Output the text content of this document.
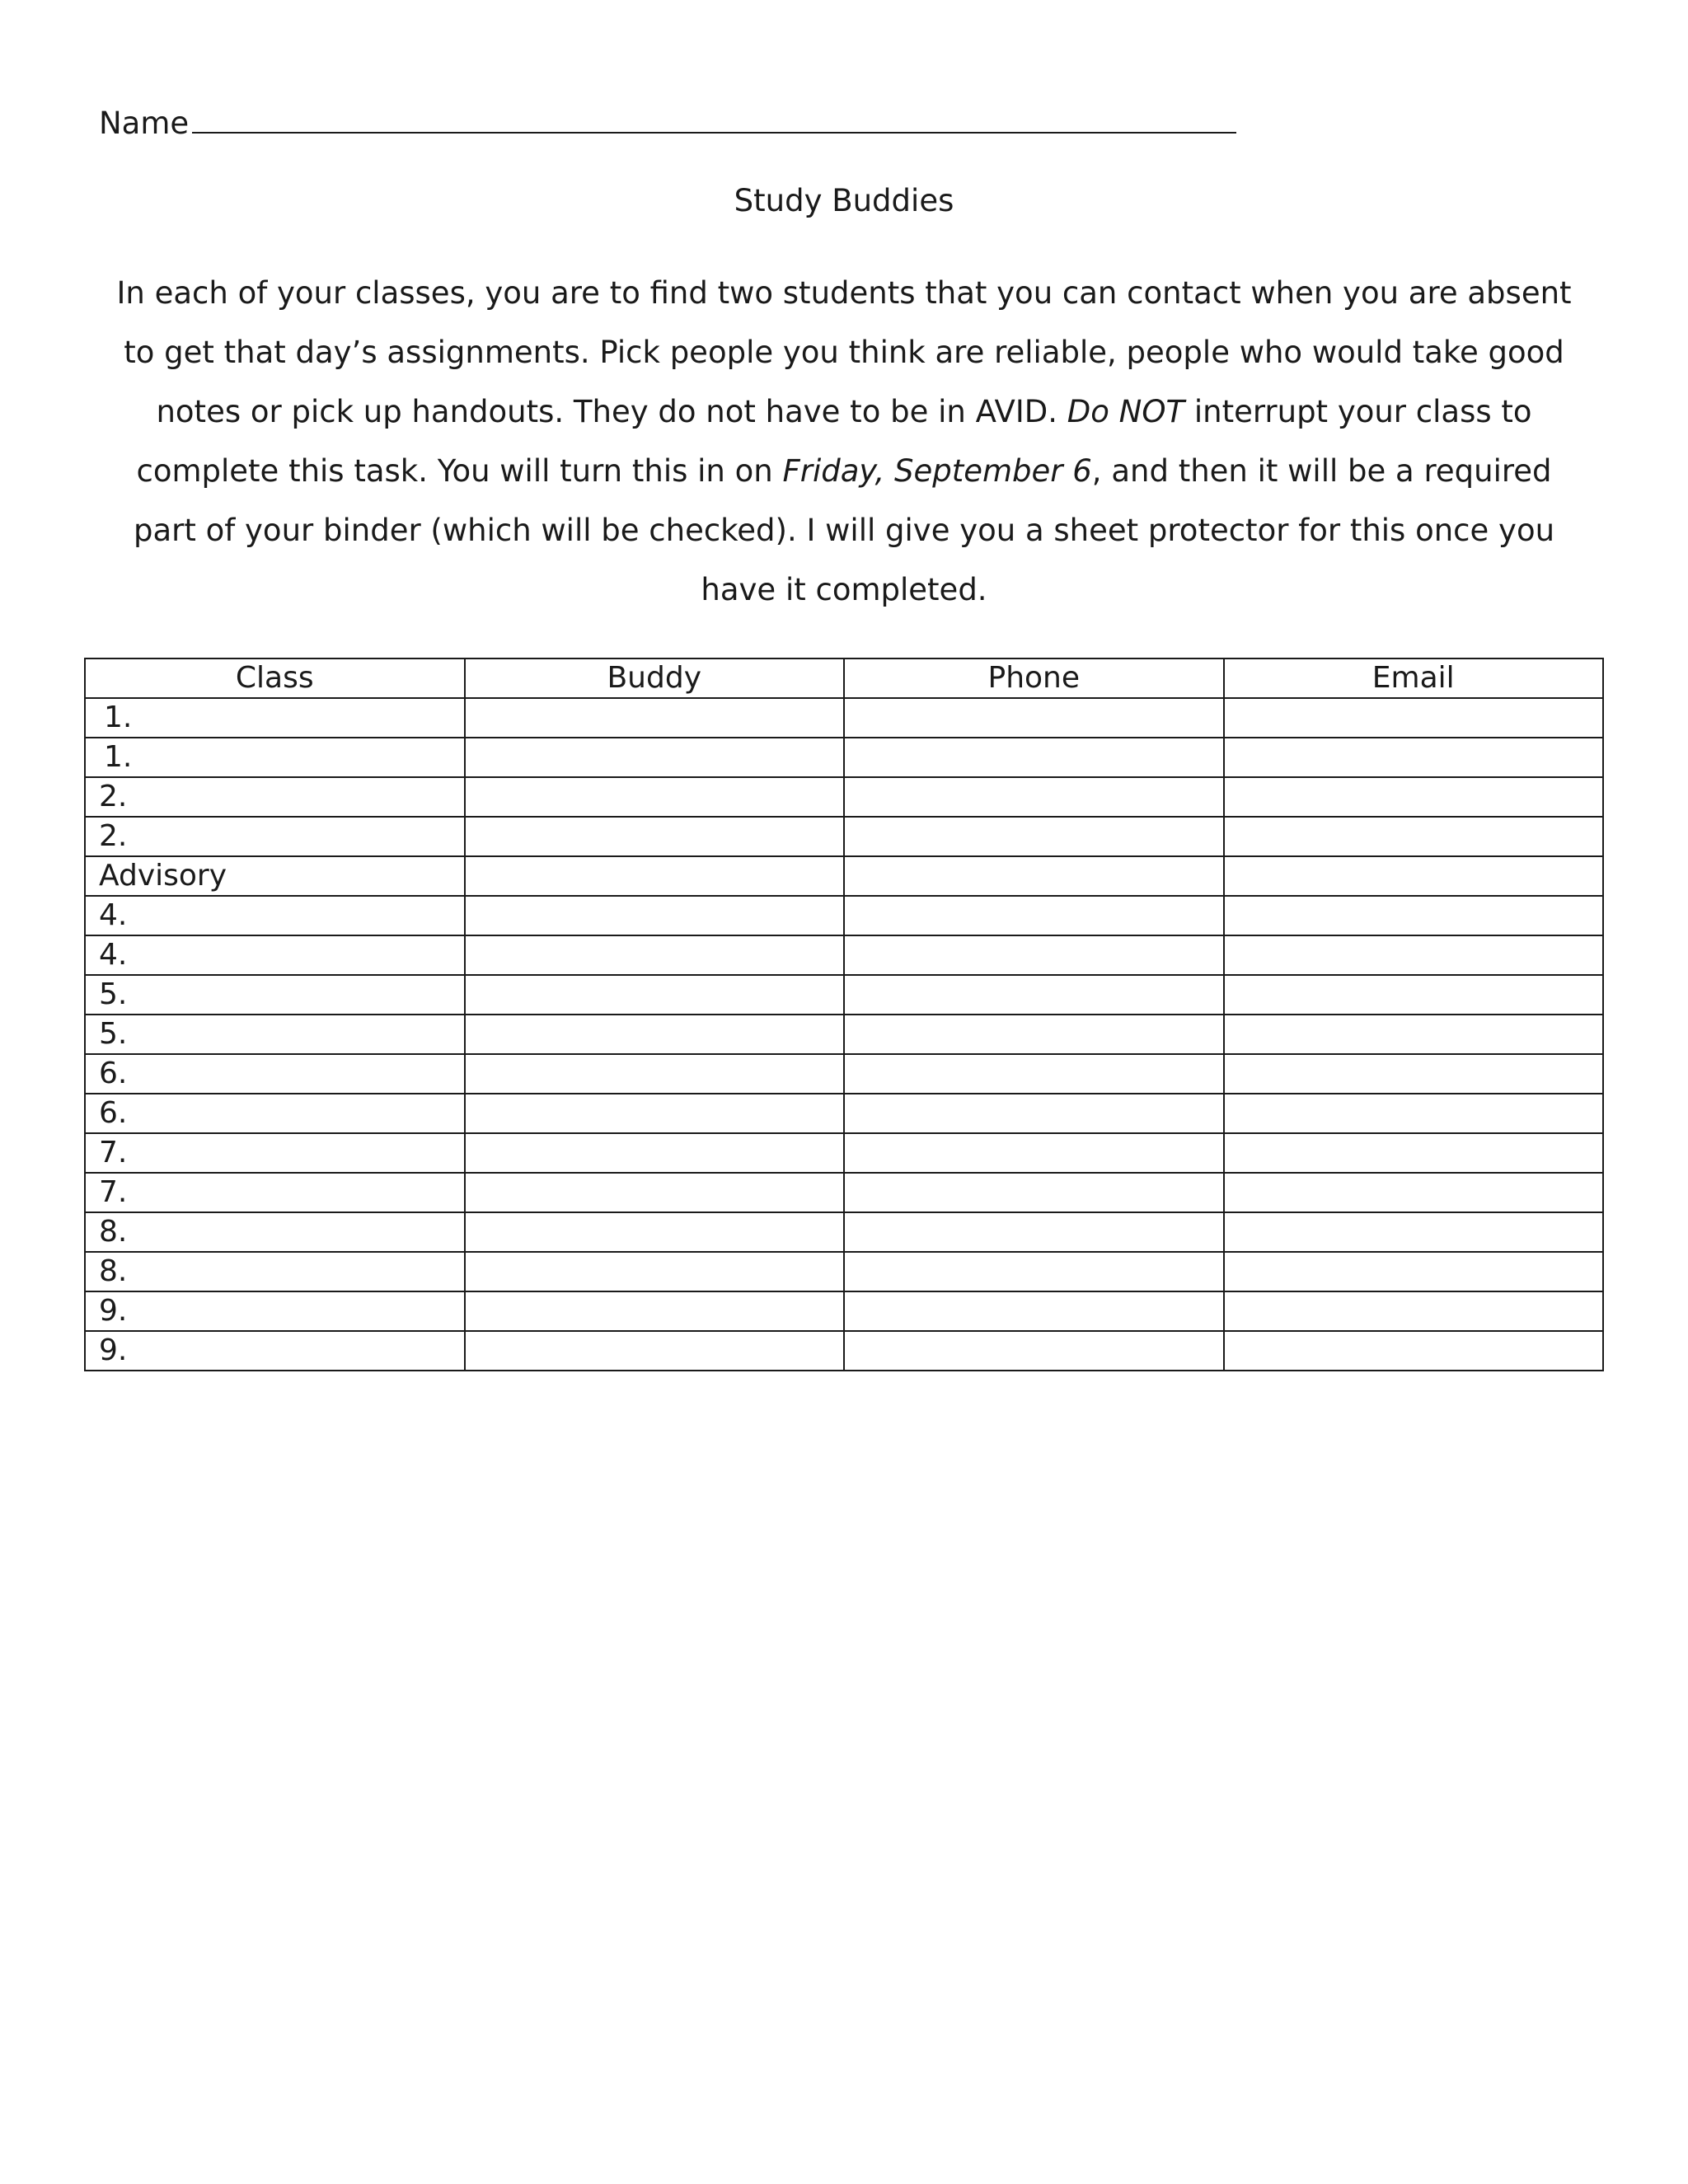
Name
Study Buddies

In each of your classes, you are to find two students that you can contact when you are absent to get that day’s assignments. Pick people you think are reliable, people who would take good notes or pick up handouts. They do not have to be in AVID. Do NOT interrupt your class to complete this task. You will turn this in on Friday, September 6, and then it will be a required part of your binder (which will be checked). I will give you a sheet protector for this once you have it completed.

Class	Buddy	Phone	Email
1.			
1.			
2.			
2.			
Advisory			
4.			
4.			
5.			
5.			
6.			
6.			
7.			
7.			
8.			
8.			
9.			
9.			
